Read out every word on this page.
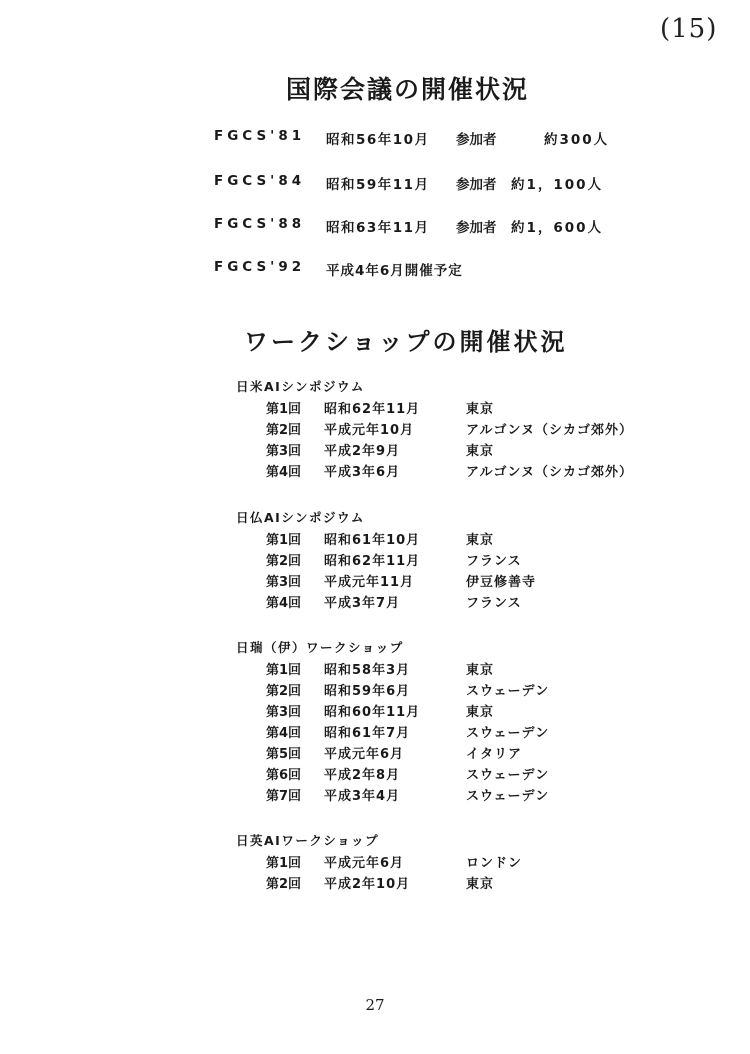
(15)
国際会議の開催状況
FGCS'81 昭和56年10月 参加者	約300人
FGCS'84 昭和59年11月 参加者 約1，100人
FGCS'88 昭和63年11月 参加者 約1，600人
FGCS'92 平成4年6月開催予定
ワークショップの開催状況
日米AIシンポジウム
第1回 昭和62年11月	東京
第2回 平成元年10月	アルゴンヌ（シカゴ郊外）
第3回 平成2年9月	東京
第4回 平成3年6月	アルゴンヌ（シカゴ郊外）
日仏AIシンポジウム
第1回 昭和61年10月	東京
第2回 昭和62年11月	フランス
第3回 平成元年11月	伊豆修善寺
第4回 平成3年7月	フランス
日瑞（伊）ワークショップ
第1回 昭和58年3月	東京
第2回 昭和59年6月	スウェーデン
第3回 昭和60年11月	東京
第4回 昭和61年7月	スウェーデン
第5回 平成元年6月	イタリア
第6回 平成2年8月	スウェーデン
第7回 平成3年4月	スウェーデン
日英AIワークショップ
第1回 平成元年6月	ロンドン
第2回 平成2年10月	東京
27
